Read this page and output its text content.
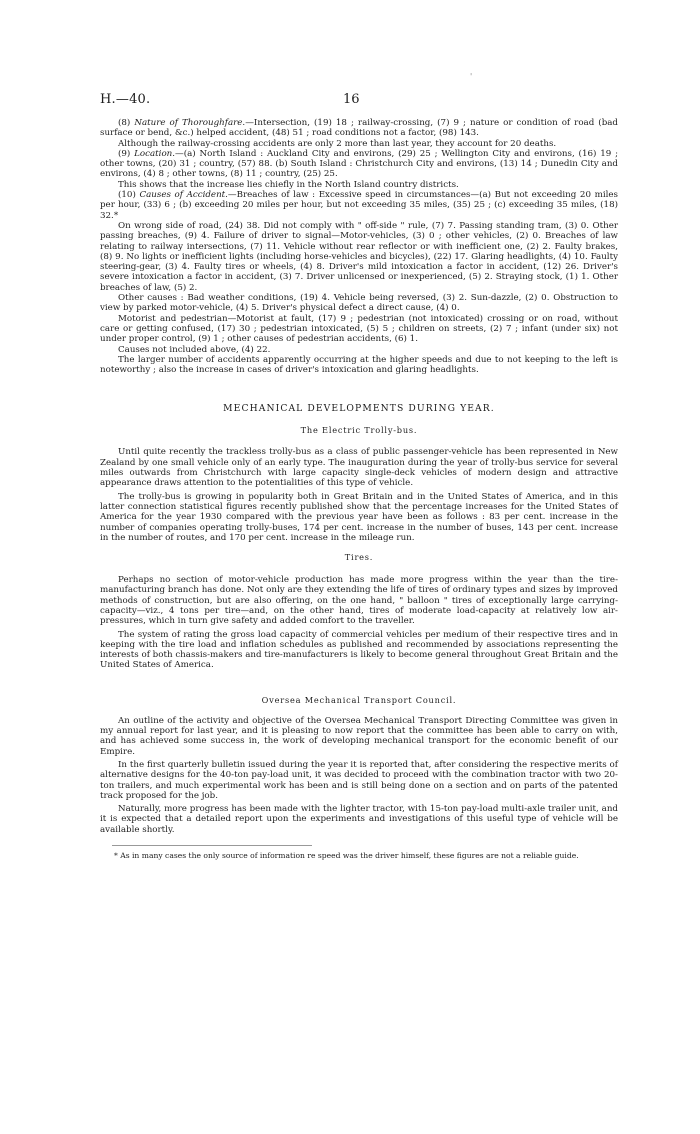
'
H.—40.	16

(8) Nature of Thoroughfare.—Intersection, (19) 18 ; railway-crossing, (7) 9 ; nature or condition of road (bad surface or bend, &c.) helped accident, (48) 51 ; road conditions not a factor, (98) 143.

Although the railway-crossing accidents are only 2 more than last year, they account for 20 deaths.

(9) Location.—(a) North Island : Auckland City and environs, (29) 25 ; Wellington City and environs, (16) 19 ; other towns, (20) 31 ; country, (57) 88. (b) South Island : Christchurch City and environs, (13) 14 ; Dunedin City and environs, (4) 8 ; other towns, (8) 11 ; country, (25) 25.

This shows that the increase lies chiefly in the North Island country districts.

(10) Causes of Accident.—Breaches of law : Excessive speed in circumstances—(a) But not exceeding 20 miles per hour, (33) 6 ; (b) exceeding 20 miles per hour, but not exceeding 35 miles, (35) 25 ; (c) exceeding 35 miles, (18) 32.*

On wrong side of road, (24) 38. Did not comply with " off-side " rule, (7) 7. Passing standing tram, (3) 0. Other passing breaches, (9) 4. Failure of driver to signal—Motor-vehicles, (3) 0 ; other vehicles, (2) 0. Breaches of law relating to railway intersections, (7) 11. Vehicle without rear reflector or with inefficient one, (2) 2. Faulty brakes, (8) 9. No lights or inefficient lights (including horse-vehicles and bicycles), (22) 17. Glaring headlights, (4) 10. Faulty steering-gear, (3) 4. Faulty tires or wheels, (4) 8. Driver's mild intoxication a factor in accident, (12) 26. Driver's severe intoxication a factor in accident, (3) 7. Driver unlicensed or inexperienced, (5) 2. Straying stock, (1) 1. Other breaches of law, (5) 2.

Other causes : Bad weather conditions, (19) 4. Vehicle being reversed, (3) 2. Sun-dazzle, (2) 0. Obstruction to view by parked motor-vehicle, (4) 5. Driver's physical defect a direct cause, (4) 0.

Motorist and pedestrian—Motorist at fault, (17) 9 ; pedestrian (not intoxicated) crossing or on road, without care or getting confused, (17) 30 ; pedestrian intoxicated, (5) 5 ; children on streets, (2) 7 ; infant (under six) not under proper control, (9) 1 ; other causes of pedestrian accidents, (6) 1.

Causes not included above, (4) 22.

The larger number of accidents apparently occurring at the higher speeds and due to not keeping to the left is noteworthy ; also the increase in cases of driver's intoxication and glaring headlights.

MECHANICAL DEVELOPMENTS DURING YEAR.
The Electric Trolly-bus.

Until quite recently the trackless trolly-bus as a class of public passenger-vehicle has been represented in New Zealand by one small vehicle only of an early type. The inauguration during the year of trolly-bus service for several miles outwards from Christchurch with large capacity single-deck vehicles of modern design and attractive appearance draws attention to the potentialities of this type of vehicle.

The trolly-bus is growing in popularity both in Great Britain and in the United States of America, and in this latter connection statistical figures recently published show that the percentage increases for the United States of America for the year 1930 compared with the previous year have been as follows : 83 per cent. increase in the number of companies operating trolly-buses, 174 per cent. increase in the number of buses, 143 per cent. increase in the number of routes, and 170 per cent. increase in the mileage run.

Tires.

Perhaps no section of motor-vehicle production has made more progress within the year than the tire-manufacturing branch has done. Not only are they extending the life of tires of ordinary types and sizes by improved methods of construction, but are also offering, on the one hand, " balloon " tires of exceptionally large carrying-capacity—viz., 4 tons per tire—and, on the other hand, tires of moderate load-capacity at relatively low air-pressures, which in turn give safety and added comfort to the traveller.

The system of rating the gross load capacity of commercial vehicles per medium of their respective tires and in keeping with the tire load and inflation schedules as published and recommended by associations representing the interests of both chassis-makers and tire-manufacturers is likely to become general throughout Great Britain and the United States of America.

Oversea Mechanical Transport Council.

An outline of the activity and objective of the Oversea Mechanical Transport Directing Committee was given in my annual report for last year, and it is pleasing to now report that the committee has been able to carry on with, and has achieved some success in, the work of developing mechanical transport for the economic benefit of our Empire.

In the first quarterly bulletin issued during the year it is reported that, after considering the respective merits of alternative designs for the 40-ton pay-load unit, it was decided to proceed with the combination tractor with two 20-ton trailers, and much experimental work has been and is still being done on a section and on parts of the patented track proposed for the job.

Naturally, more progress has been made with the lighter tractor, with 15-ton pay-load multi-axle trailer unit, and it is expected that a detailed report upon the experiments and investigations of this useful type of vehicle will be available shortly.

* As in many cases the only source of information re speed was the driver himself, these figures are not a reliable guide.
